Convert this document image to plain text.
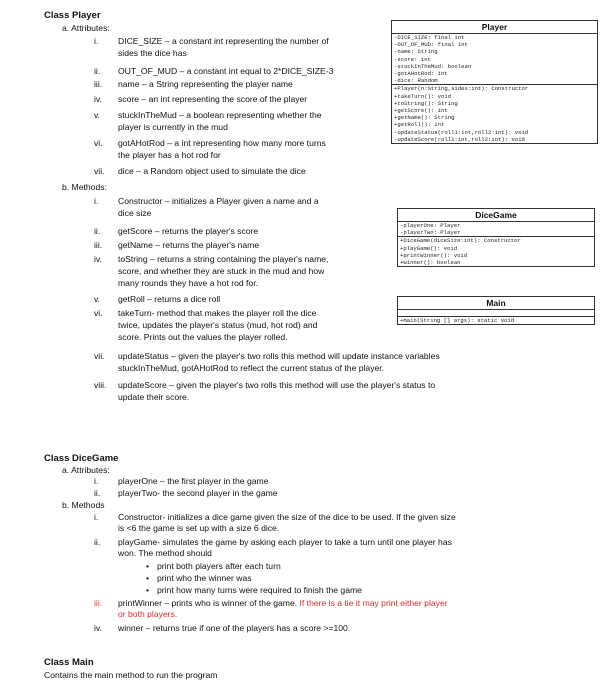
Class Player
a. Attributes:
i. DICE_SIZE – a constant int representing the number of
sides the dice has
ii. OUT_OF_MUD – a constant int equal to 2*DICE_SIZE-3
iii. name – a String representing the player name
iv. score – an int representing the score of the player
v. stuckInTheMud – a boolean representing whether the
player is currently in the mud
vi. gotAHotRod – a int representing how many more turns
the player has a hot rod for
vii. dice – a Random object used to simulate the dice
b. Methods:
i. Constructor – initializes a Player given a name and a
dice size
ii. getScore – returns the player's score
iii. getName – returns the player's name
iv. toString – returns a string containing the player's name,
score, and whether they are stuck in the mud and how
many rounds they have a hot rod for.
v. getRoll – returns a dice roll
vi. takeTurn- method that makes the player roll the dice
twice, updates the player's status (mud, hot rod) and
score. Prints out the values the player rolled.
vii. updateStatus – given the player's two rolls this method will update instance variables
stuckInTheMud, gotAHotRod to reflect the current status of the player.
viii. updateScore – given the player's two rolls this method will use the player's status to
update their score.
Player
-DICE_SIZE: final int
-OUT_OF_MUD: final int
-name: String
-score: int
-stuckInTheMud: boolean
-gotAHotRod: int
-dice: Random
+Player(n:String,sides:int): Constructor
+takeTurn(): void
+toString(): String
+getScore(): int
+getName(): String
+getRoll(): int
-updateStatus(roll1:int,roll2:int): void
-updateScore(roll1:int,roll2:int): void
DiceGame
-playerOne: Player
-playerTwo: Player
+DiceGame(diceSize:int): Constructor
+playGame(): void
+printWinner(): void
+winner(): boolean
Main
+main(String [] args): static void
Class DiceGame
a. Attributes:
i. playerOne – the first player in the game
ii. playerTwo- the second player in the game
b. Methods
i. Constructor- initializes a dice game given the size of the dice to be used. If the given size
is <6 the game is set up with a size 6 dice.
ii. playGame- simulates the game by asking each player to take a turn until one player has
won. The method should
• print both players after each turn
• print who the winner was
• print how many turns were required to finish the game
iii. printWinner – prints who is winner of the game. If there is a tie it may print either player
or both players.
iv. winner – returns true if one of the players has a score >=100.
Class Main
Contains the main method to run the program
